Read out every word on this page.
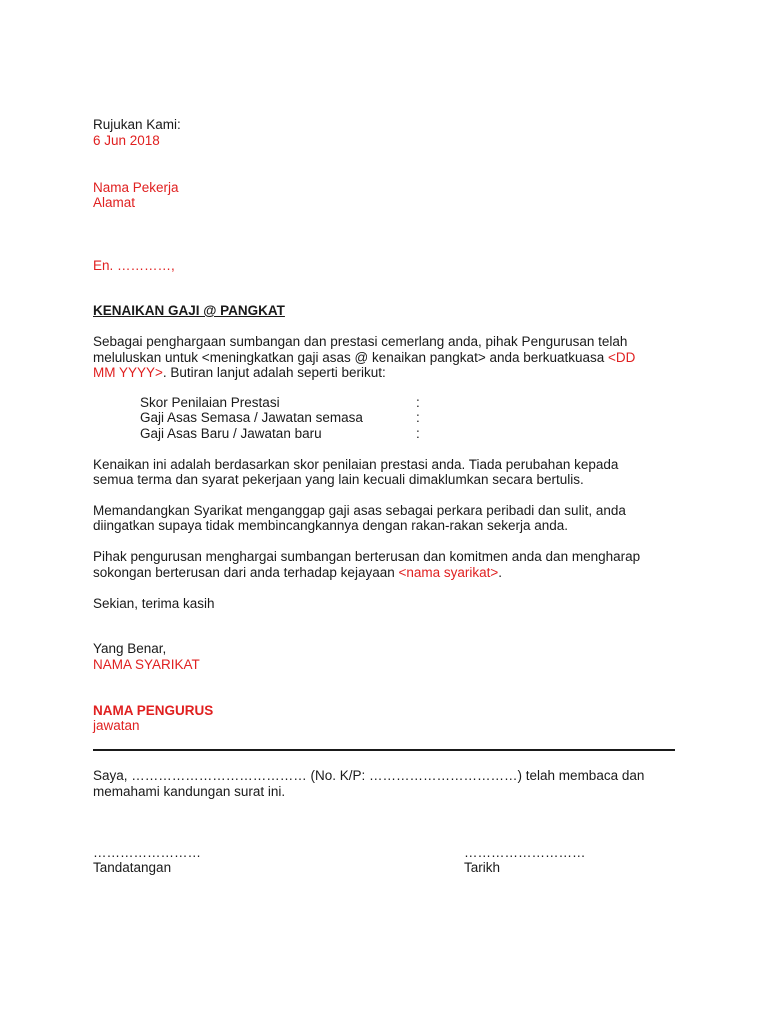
Rujukan Kami:
6 Jun 2018
Nama Pekerja
Alamat
En. …………,
KENAIKAN GAJI @ PANGKAT
Sebagai penghargaan sumbangan dan prestasi cemerlang anda, pihak Pengurusan telah
meluluskan untuk <meningkatkan gaji asas @ kenaikan pangkat> anda berkuatkuasa <DD
MM YYYY>. Butiran lanjut adalah seperti berikut:
Skor Penilaian Prestasi	:
Gaji Asas Semasa / Jawatan semasa	:
Gaji Asas Baru / Jawatan baru	:
Kenaikan ini adalah berdasarkan skor penilaian prestasi anda. Tiada perubahan kepada
semua terma dan syarat pekerjaan yang lain kecuali dimaklumkan secara bertulis.
Memandangkan Syarikat menganggap gaji asas sebagai perkara peribadi dan sulit, anda
diingatkan supaya tidak membincangkannya dengan rakan-rakan sekerja anda.
Pihak pengurusan menghargai sumbangan berterusan dan komitmen anda dan mengharap
sokongan berterusan dari anda terhadap kejayaan <nama syarikat>.
Sekian, terima kasih
Yang Benar,
NAMA SYARIKAT
NAMA PENGURUS
jawatan
Saya, ………………………………… (No. K/P: ……………………………) telah membaca dan
memahami kandungan surat ini.
……………………
Tandatangan
………………………
Tarikh
